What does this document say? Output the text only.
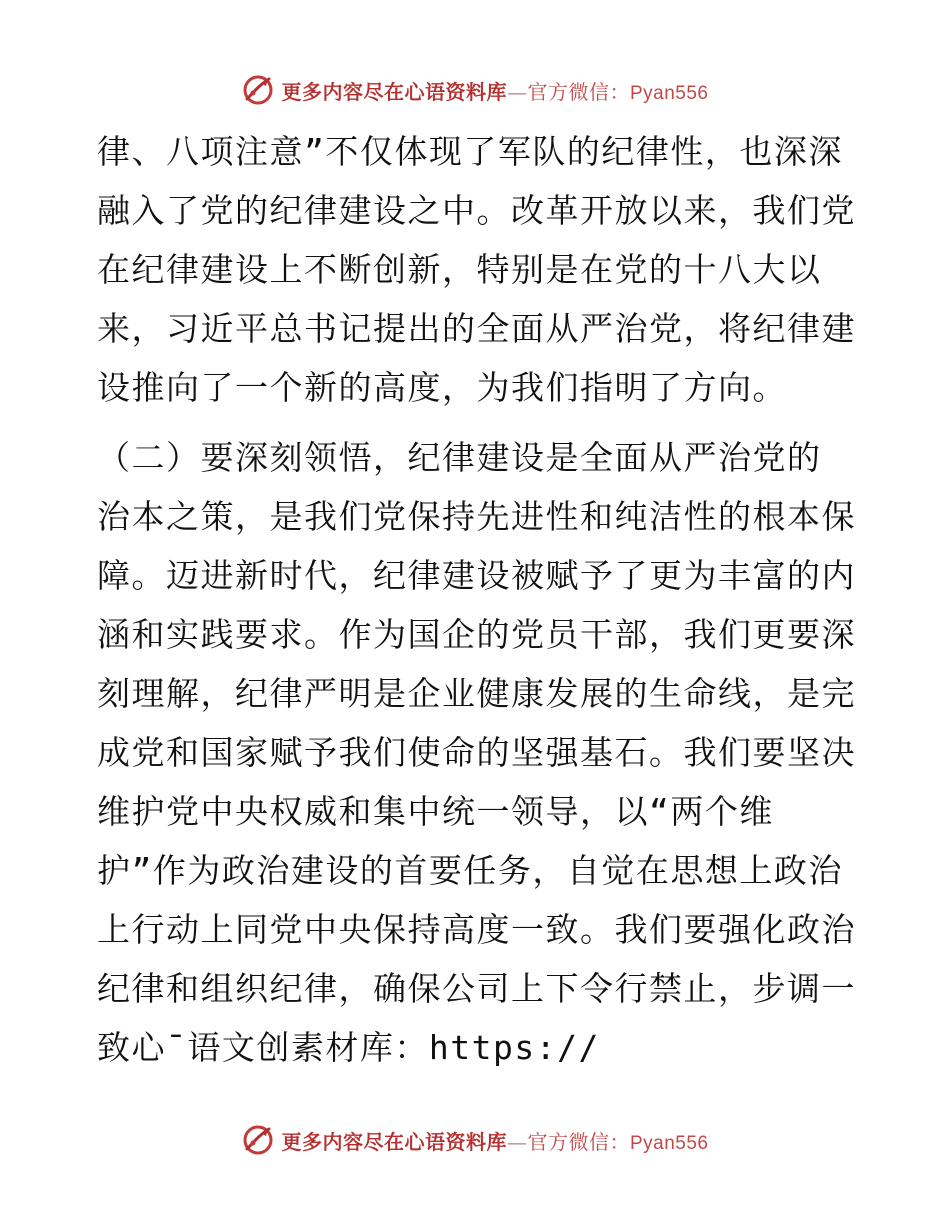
更多内容尽在心语资料库—官方微信：Pyan556
律、八项注意”不仅体现了军队的纪律性，也深深
融入了党的纪律建设之中。改革开放以来，我们党
在纪律建设上不断创新，特别是在党的十八大以
来，习近平总书记提出的全面从严治党，将纪律建
设推向了一个新的高度，为我们指明了方向。
（二）要深刻领悟，纪律建设是全面从严治党的
治本之策，是我们党保持先进性和纯洁性的根本保
障。迈进新时代，纪律建设被赋予了更为丰富的内
涵和实践要求。作为国企的党员干部，我们更要深
刻理解，纪律严明是企业健康发展的生命线，是完
成党和国家赋予我们使命的坚强基石。我们要坚决
维护党中央权威和集中统一领导，以“两个维
护”作为政治建设的首要任务，自觉在思想上政治
上行动上同党中央保持高度一致。我们要强化政治
纪律和组织纪律，确保公司上下令行禁止，步调一
致心¯语文创素材库：https://
更多内容尽在心语资料库—官方微信：Pyan556
